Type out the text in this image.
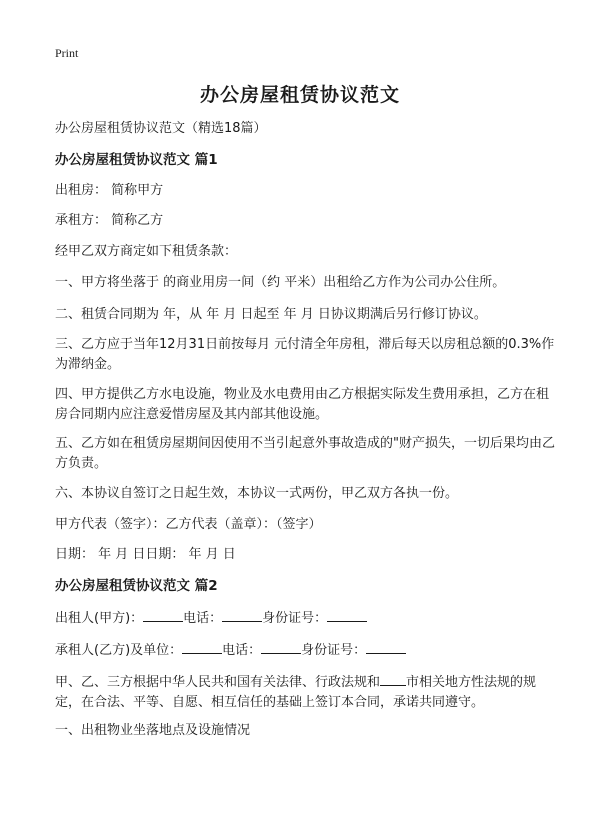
Print
办公房屋租赁协议范文
办公房屋租赁协议范文（精选18篇）
办公房屋租赁协议范文 篇1
出租房： 简称甲方
承租方： 简称乙方
经甲乙双方商定如下租赁条款：
一、甲方将坐落于 的商业用房一间（约 平米）出租给乙方作为公司办公住所。
二、租赁合同期为 年，从 年 月 日起至 年 月 日协议期满后另行修订协议。
三、乙方应于当年12月31日前按每月 元付清全年房租，滞后每天以房租总额的0.3%作为滞纳金。
四、甲方提供乙方水电设施，物业及水电费用由乙方根据实际发生费用承担，乙方在租房合同期内应注意爱惜房屋及其内部其他设施。
五、乙方如在租赁房屋期间因使用不当引起意外事故造成的"财产损失，一切后果均由乙方负责。
六、本协议自签订之日起生效，本协议一式两份，甲乙双方各执一份。
甲方代表（签字）：乙方代表（盖章）：（签字）
日期： 年 月 日日期： 年 月 日
办公房屋租赁协议范文 篇2
出租人(甲方)：	电话：	身份证号：
承租人(乙方)及单位：	电话：	身份证号：
甲、乙、三方根据中华人民共和国有关法律、行政法规和 市相关地方性法规的规定，在合法、平等、自愿、相互信任的基础上签订本合同，承诺共同遵守。
一、出租物业坐落地点及设施情况
